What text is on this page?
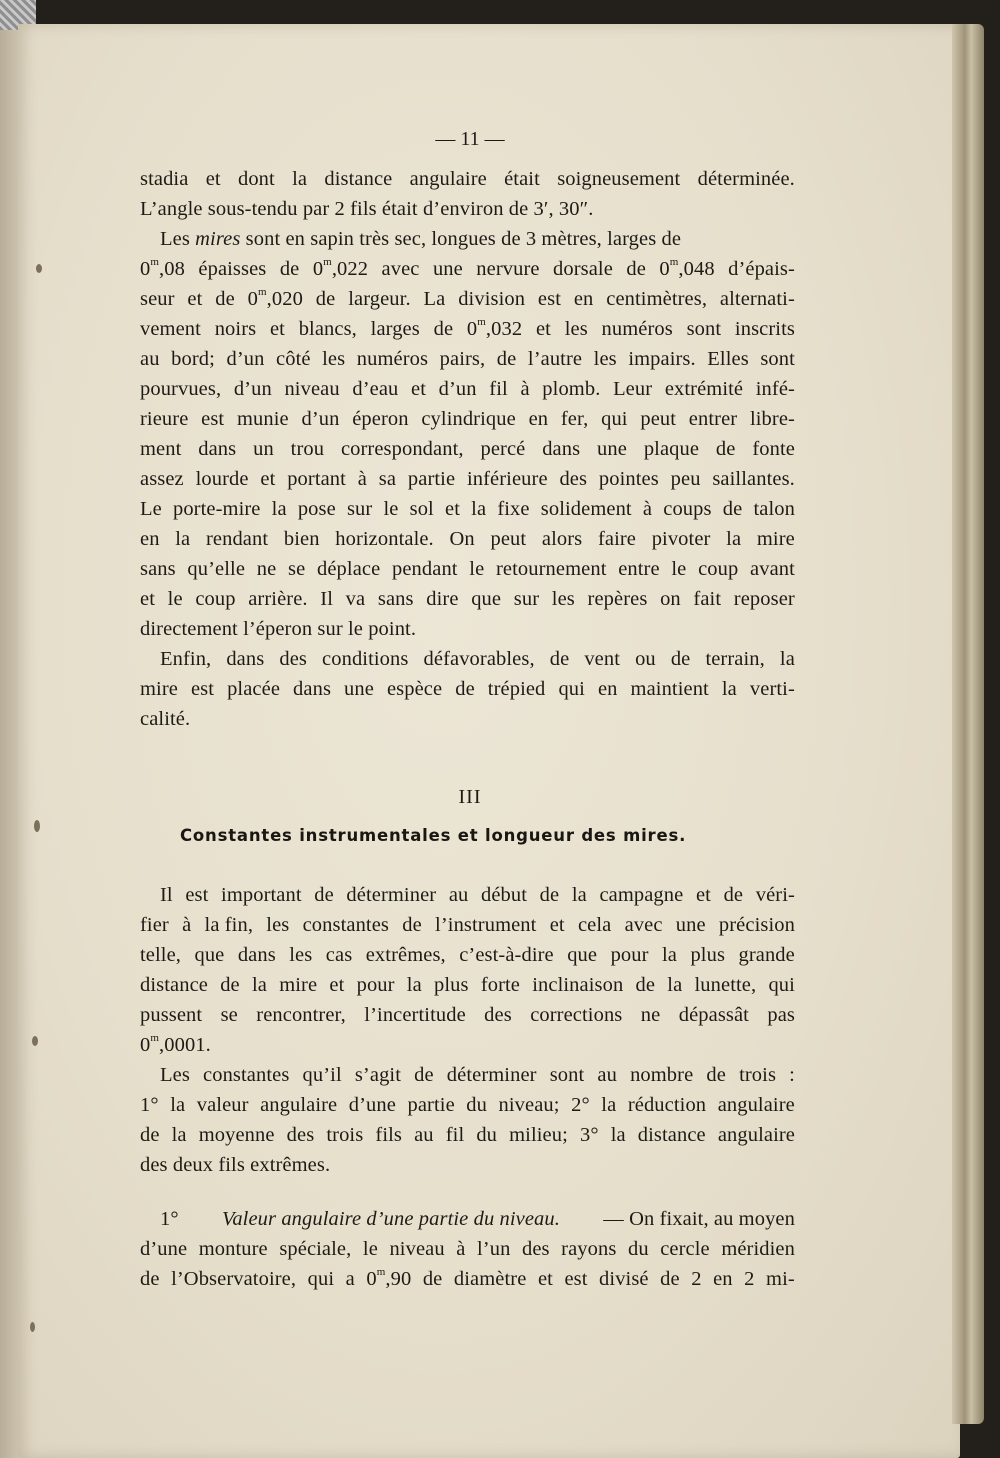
— 11 —
stadia et dont la distance angulaire était soigneusement déterminée.
L’angle sous-tendu par 2 fils était d’environ de 3′, 30″.
Les mires sont en sapin très sec, longues de 3 mètres, larges de
0$^m$,08 épaisses de 0$^m$,022 avec une nervure dorsale de 0$^m$,048 d’épais-
seur et de 0$^m$,020 de largeur. La division est en centimètres, alternati-
vement noirs et blancs, larges de 0$^m$,032 et les numéros sont inscrits
au bord; d’un côté les numéros pairs, de l’autre les impairs. Elles sont
pourvues, d’un niveau d’eau et d’un fil à plomb. Leur extrémité infé-
rieure est munie d’un éperon cylindrique en fer, qui peut entrer libre-
ment dans un trou correspondant, percé dans une plaque de fonte
assez lourde et portant à sa partie inférieure des pointes peu saillantes.
Le porte-mire la pose sur le sol et la fixe solidement à coups de talon
en la rendant bien horizontale. On peut alors faire pivoter la mire
sans qu’elle ne se déplace pendant le retournement entre le coup avant
et le coup arrière. Il va sans dire que sur les repères on fait reposer
directement l’éperon sur le point.
Enfin, dans des conditions défavorables, de vent ou de terrain, la
mire est placée dans une espèce de trépied qui en maintient la verti-
calité.
Il est important de déterminer au début de la campagne et de véri-
fier à la fin, les constantes de l’instrument et cela avec une précision
telle, que dans les cas extrêmes, c’est-à-dire que pour la plus grande
distance de la mire et pour la plus forte inclinaison de la lunette, qui
pussent se rencontrer, l’incertitude des corrections ne dépassât pas
0$^m$,0001.
Les constantes qu’il s’agit de déterminer sont au nombre de trois :
1° la valeur angulaire d’une partie du niveau; 2° la réduction angulaire
de la moyenne des trois fils au fil du milieu; 3° la distance angulaire
des deux fils extrêmes.
1° Valeur angulaire d’une partie du niveau. — On fixait, au moyen
d’une monture spéciale, le niveau à l’un des rayons du cercle méridien
de l’Observatoire, qui a 0$^m$,90 de diamètre et est divisé de 2 en 2 mi-
III
Constantes instrumentales et longueur des mires.
